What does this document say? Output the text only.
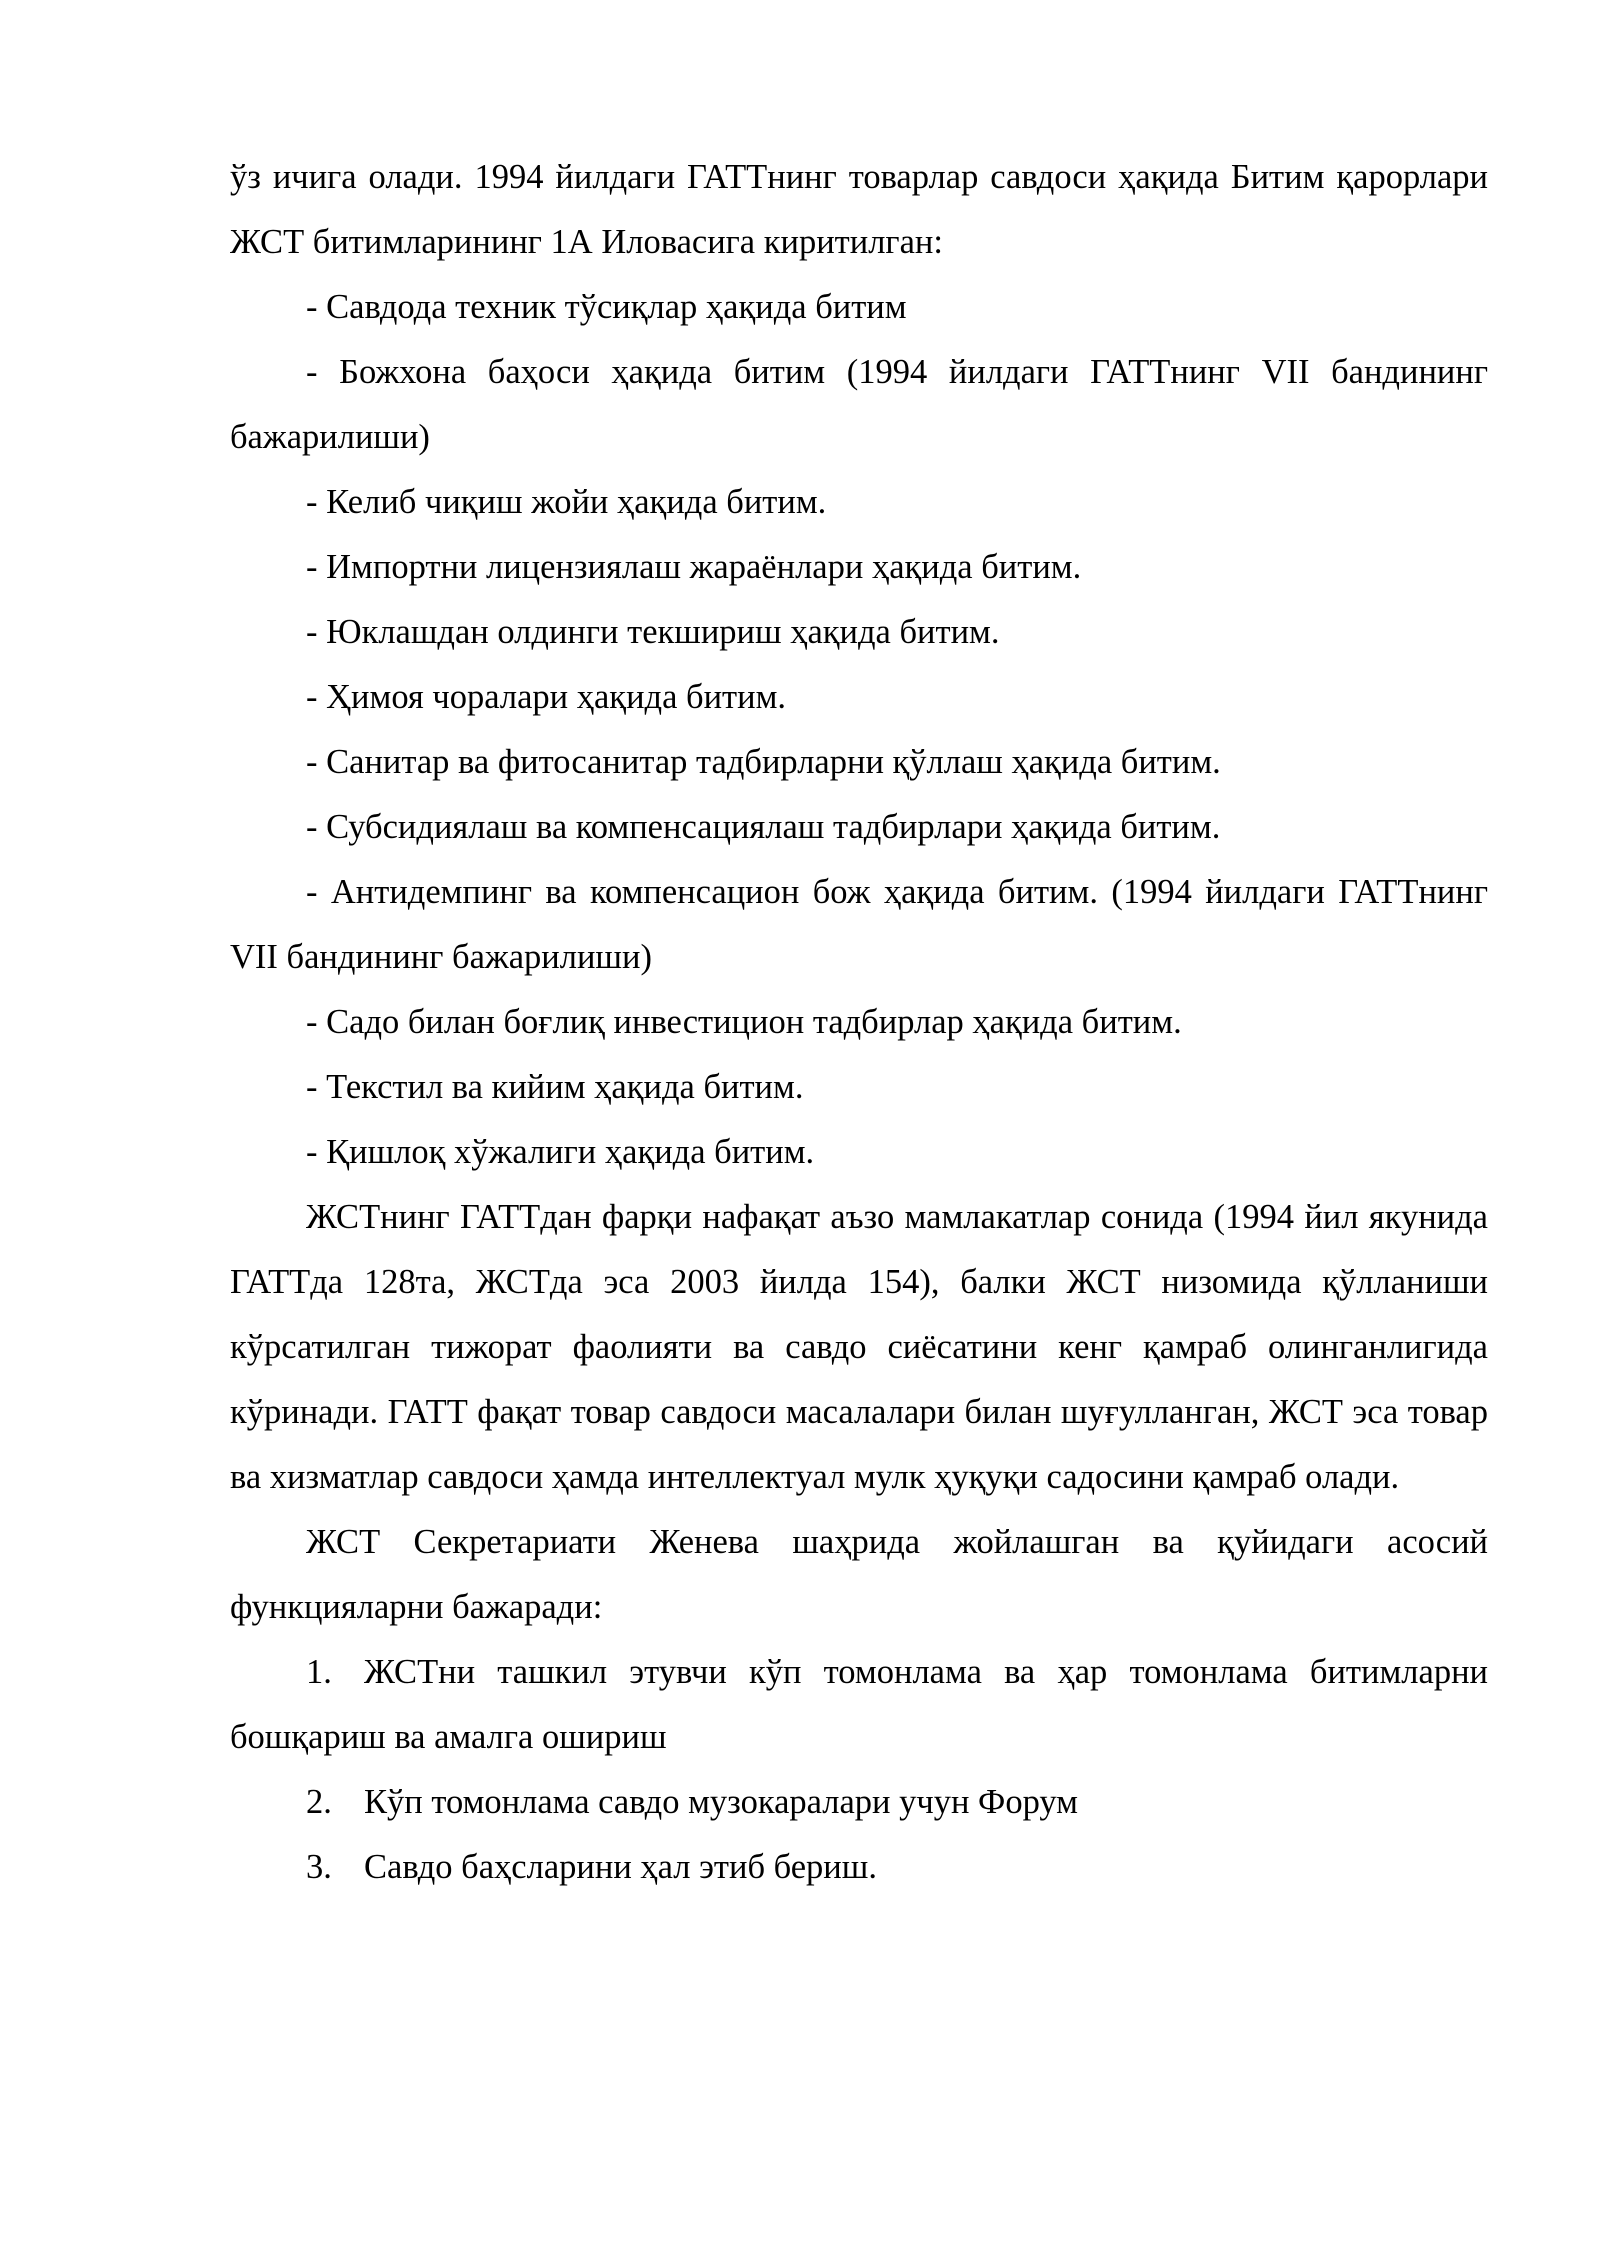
ўз ичига олади. 1994 йилдаги ГАТТнинг товарлар савдоси ҳақида Битим қарорлари ЖСТ битимларининг 1А Иловасига киритилган:

- Савдода техник тўсиқлар ҳақида битим

- Божхона баҳоси ҳақида битим (1994 йилдаги ГАТТнинг VII бандининг бажарилиши)

- Келиб чиқиш жойи ҳақида битим.

- Импортни лицензиялаш жараёнлари ҳақида битим.

- Юклашдан олдинги текшириш ҳақида битим.

- Ҳимоя чоралари ҳақида битим.

- Санитар ва фитосанитар тадбирларни қўллаш ҳақида битим.

- Субсидиялаш ва компенсациялаш тадбирлари ҳақида битим.

- Антидемпинг ва компенсацион бож ҳақида битим. (1994 йилдаги ГАТТнинг VII бандининг бажарилиши)

- Садо билан боғлиқ инвестицион тадбирлар ҳақида битим.

- Текстил ва кийим ҳақида битим.

- Қишлоқ хўжалиги ҳақида битим.

ЖСТнинг ГАТТдан фарқи нафақат аъзо мамлакатлар сонида (1994 йил якунида ГАТТда 128та, ЖСТда эса 2003 йилда 154), балки ЖСТ низомида қўлланиши кўрсатилган тижорат фаолияти ва савдо сиёсатини кенг қамраб олинганлигида кўринади. ГАТТ фақат товар савдоси масалалари билан шуғулланган, ЖСТ эса товар ва хизматлар савдоси ҳамда интеллектуал мулк ҳуқуқи садосини қамраб олади.

ЖСТ Секретариати Женева шаҳрида жойлашган ва қуйидаги асосий функцияларни бажаради:

1. ЖСТни ташкил этувчи кўп томонлама ва ҳар томонлама битимларни бошқариш ва амалга ошириш

2. Кўп томонлама савдо музокаралари учун Форум

3. Савдо баҳсларини ҳал этиб бериш.
